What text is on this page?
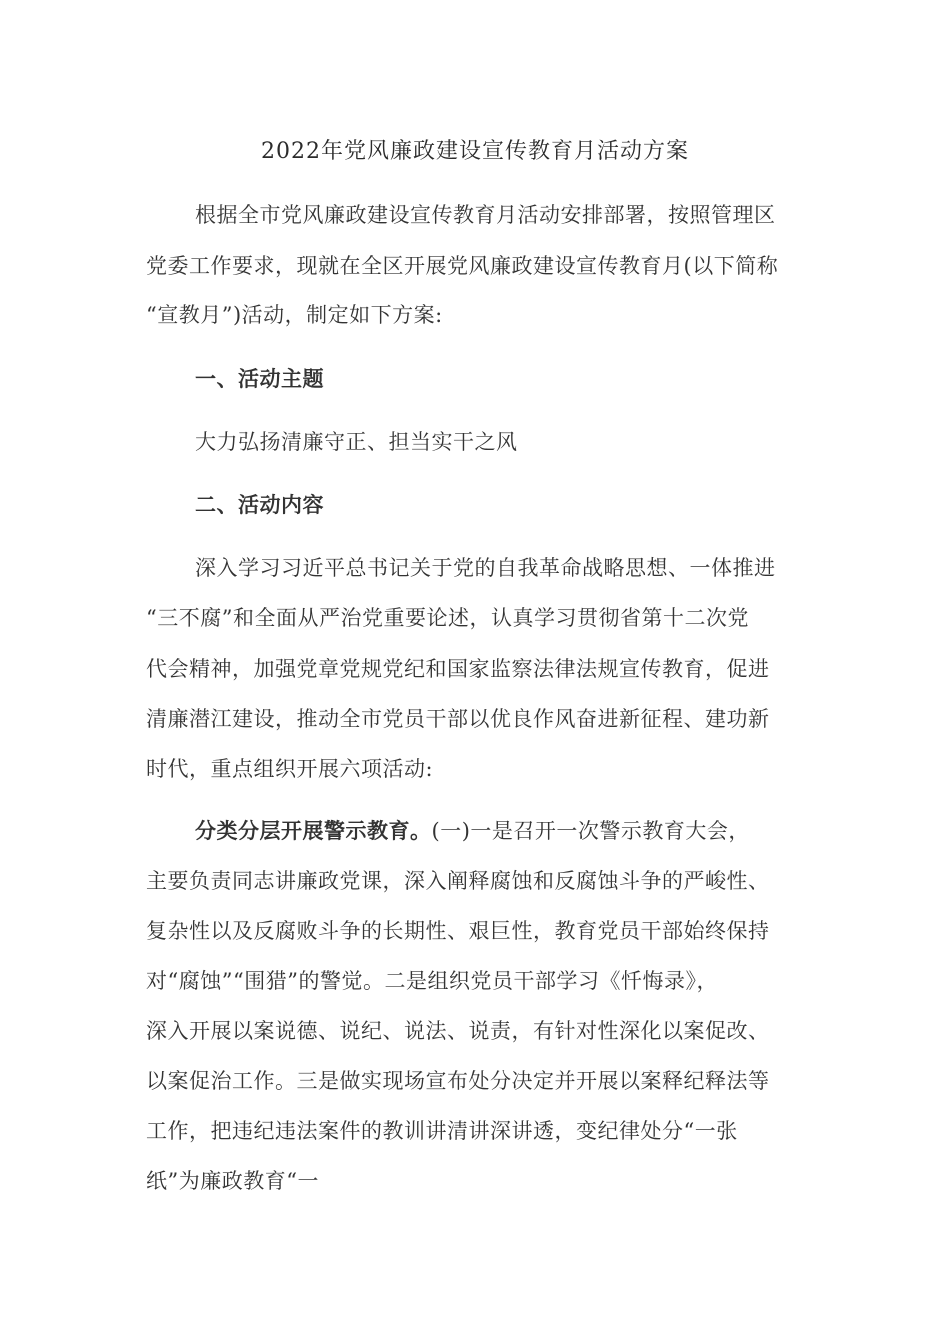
2022年党风廉政建设宣传教育月活动方案
根据全市党风廉政建设宣传教育月活动安排部署，按照管理区
党委工作要求，现就在全区开展党风廉政建设宣传教育月(以下简称
“宣教月”)活动，制定如下方案:
一、活动主题
大力弘扬清廉守正、担当实干之风
二、活动内容
深入学习习近平总书记关于党的自我革命战略思想、一体推进
“三不腐”和全面从严治党重要论述，认真学习贯彻省第十二次党
代会精神，加强党章党规党纪和国家监察法律法规宣传教育，促进
清廉潜江建设，推动全市党员干部以优良作风奋进新征程、建功新
时代，重点组织开展六项活动:
分类分层开展警示教育。(一)一是召开一次警示教育大会，
主要负责同志讲廉政党课，深入阐释腐蚀和反腐蚀斗争的严峻性、
复杂性以及反腐败斗争的长期性、艰巨性，教育党员干部始终保持
对“腐蚀”“围猎”的警觉。二是组织党员干部学习《忏悔录》，
深入开展以案说德、说纪、说法、说责，有针对性深化以案促改、
以案促治工作。三是做实现场宣布处分决定并开展以案释纪释法等
工作，把违纪违法案件的教训讲清讲深讲透，变纪律处分“一张
纸”为廉政教育“一
